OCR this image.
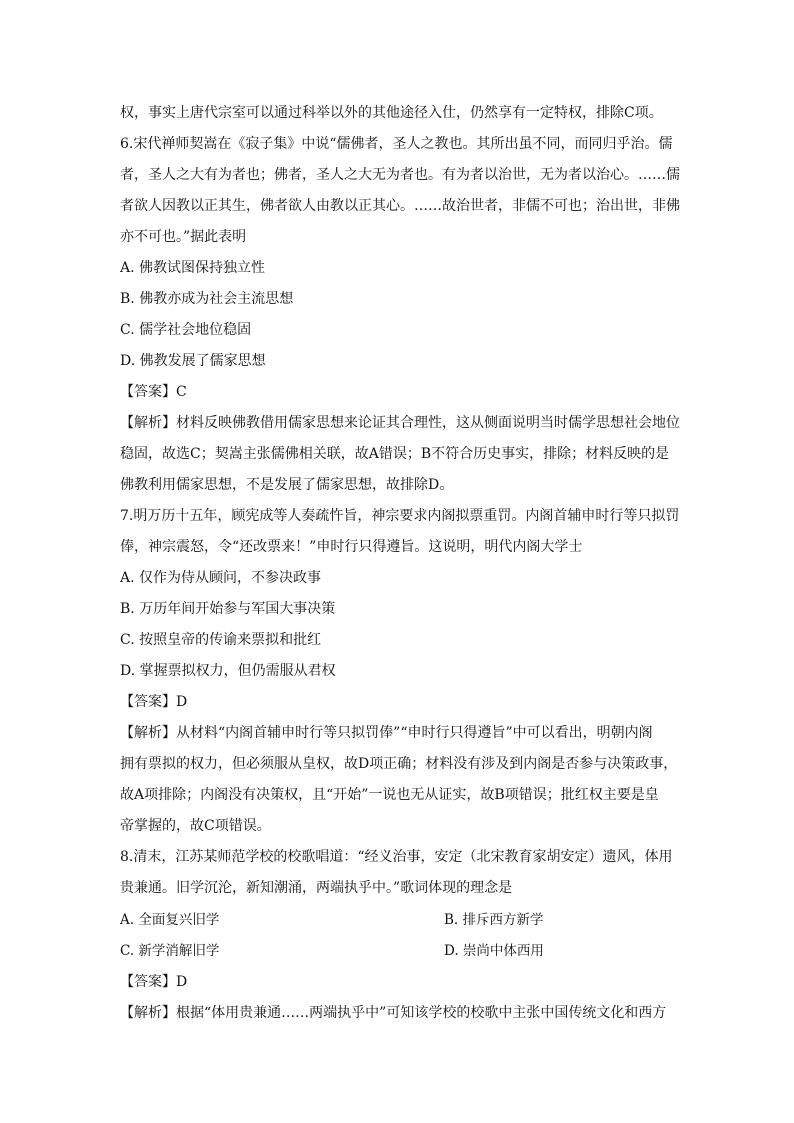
权，事实上唐代宗室可以通过科举以外的其他途径入仕，仍然享有一定特权，排除C项。
6.宋代禅师契嵩在《寂子集》中说“儒佛者，圣人之教也。其所出虽不同，而同归乎治。儒
者，圣人之大有为者也；佛者，圣人之大无为者也。有为者以治世，无为者以治心。……儒
者欲人因教以正其生，佛者欲人由教以正其心。……故治世者，非儒不可也；治出世，非佛
亦不可也。”据此表明
A. 佛教试图保持独立性
B. 佛教亦成为社会主流思想
C. 儒学社会地位稳固
D. 佛教发展了儒家思想
【答案】C
【解析】材料反映佛教借用儒家思想来论证其合理性，这从侧面说明当时儒学思想社会地位
稳固，故选C；契嵩主张儒佛相关联，故A错误；B不符合历史事实，排除；材料反映的是
佛教利用儒家思想，不是发展了儒家思想，故排除D。
7.明万历十五年，顾宪成等人奏疏忤旨，神宗要求内阁拟票重罚。内阁首辅申时行等只拟罚
俸，神宗震怒，令“还改票来！”申时行只得遵旨。这说明，明代内阁大学士
A. 仅作为侍从顾问，不参决政事
B. 万历年间开始参与军国大事决策
C. 按照皇帝的传谕来票拟和批红
D. 掌握票拟权力，但仍需服从君权
【答案】D
【解析】从材料“内阁首辅申时行等只拟罚俸”“申时行只得遵旨”中可以看出，明朝内阁
拥有票拟的权力，但必须服从皇权，故D项正确；材料没有涉及到内阁是否参与决策政事，
故A项排除；内阁没有决策权，且“开始”一说也无从证实，故B项错误；批红权主要是皇
帝掌握的，故C项错误。
8.清末，江苏某师范学校的校歌唱道：“经义治事，安定（北宋教育家胡安定）遗风，体用
贵兼通。旧学沉沦，新知潮涌，两端执乎中。”歌词体现的理念是
A. 全面复兴旧学	B. 排斥西方新学
C. 新学消解旧学	D. 崇尚中体西用
【答案】D
【解析】根据“体用贵兼通……两端执乎中”可知该学校的校歌中主张中国传统文化和西方
